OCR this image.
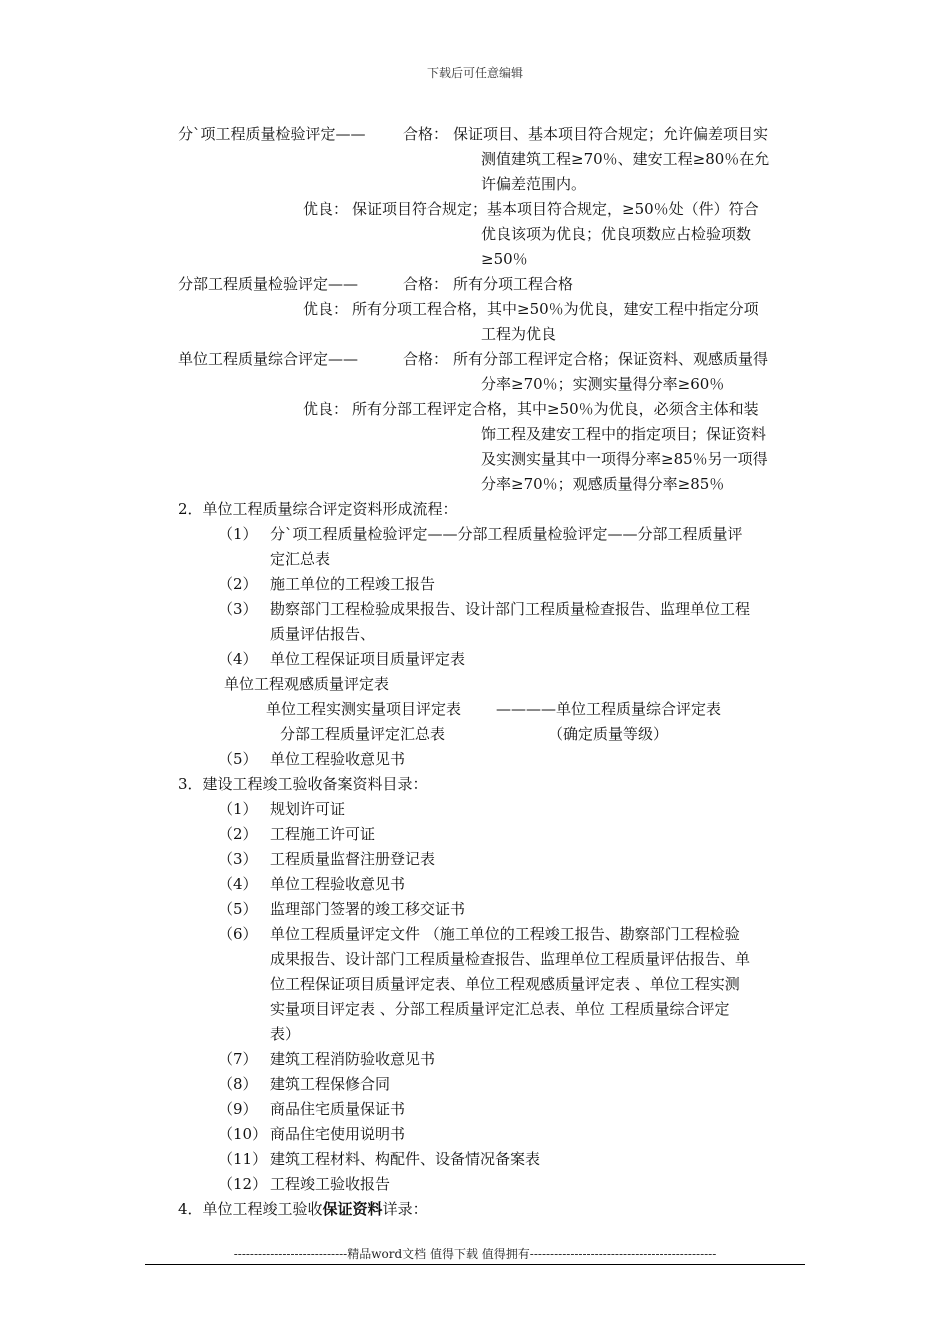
下载后可任意编辑
分`项工程质量检验评定—— 合格： 保证项目、基本项目符合规定；允许偏差项目实
测值建筑工程≥70％、建安工程≥80％在允
许偏差范围内。
优良： 保证项目符合规定；基本项目符合规定，≥50％处（件）符合
优良该项为优良；优良项数应占检验项数
≥50％
分部工程质量检验评定——	合格： 所有分项工程合格
优良： 所有分项工程合格，其中≥50％为优良，建安工程中指定分项
工程为优良
单位工程质量综合评定——	合格： 所有分部工程评定合格；保证资料、观感质量得
分率≥70％；实测实量得分率≥60％
优良： 所有分部工程评定合格，其中≥50％为优良，必须含主体和装
饰工程及建安工程中的指定项目；保证资料
及实测实量其中一项得分率≥85％另一项得
分率≥70％；观感质量得分率≥85％
2．单位工程质量综合评定资料形成流程：
（1） 分`项工程质量检验评定——分部工程质量检验评定——分部工程质量评
定汇总表
（2） 施工单位的工程竣工报告
（3） 勘察部门工程检验成果报告、设计部门工程质量检查报告、监理单位工程
质量评估报告、
（4） 单位工程保证项目质量评定表
单位工程观感质量评定表
单位工程实测实量项目评定表 ————单位工程质量综合评定表
分部工程质量评定汇总表	（确定质量等级）
（5） 单位工程验收意见书
3．建设工程竣工验收备案资料目录：
（1） 规划许可证
（2） 工程施工许可证
（3） 工程质量监督注册登记表
（4） 单位工程验收意见书
（5） 监理部门签署的竣工移交证书
（6） 单位工程质量评定文件 （施工单位的工程竣工报告、勘察部门工程检验
成果报告、设计部门工程质量检查报告、监理单位工程质量评估报告、单
位工程保证项目质量评定表、单位工程观感质量评定表 、单位工程实测
实量项目评定表 、分部工程质量评定汇总表、单位 工程质量综合评定
表）
（7） 建筑工程消防验收意见书
（8） 建筑工程保修合同
（9） 商品住宅质量保证书
（10） 商品住宅使用说明书
（11） 建筑工程材料、构配件、设备情况备案表
（12） 工程竣工验收报告
4．单位工程竣工验收保证资料详录：
----------------------------精品word文档 值得下载 值得拥有----------------------------------------------
